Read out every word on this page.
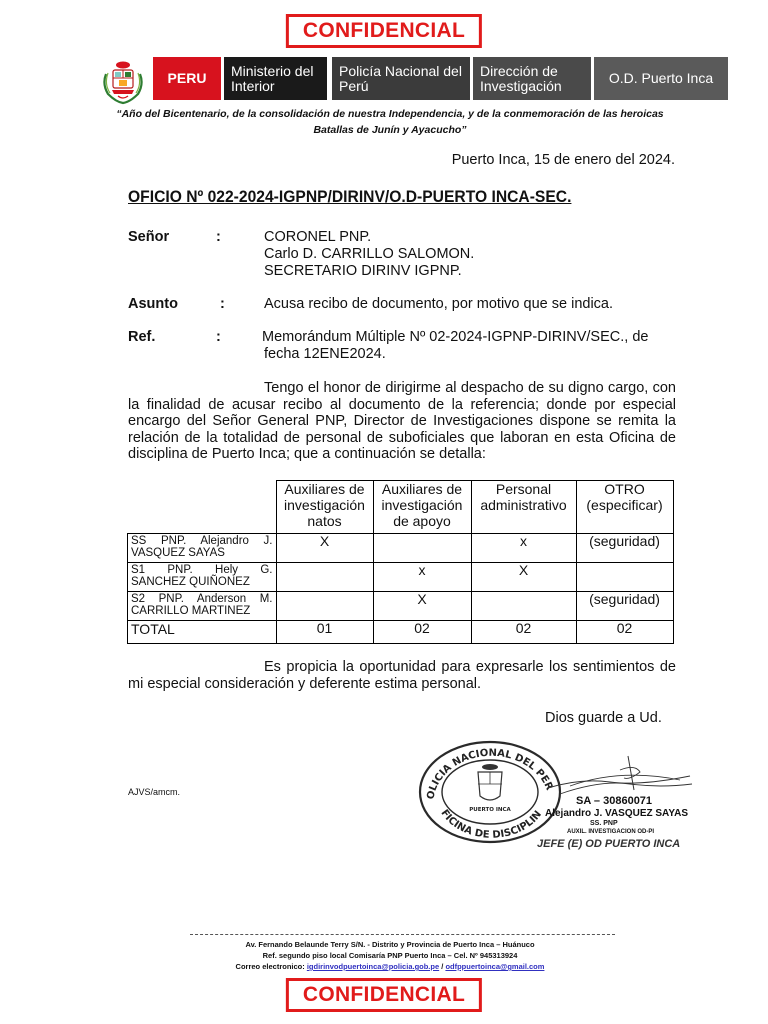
CONFIDENCIAL
PERU Ministerio del Interior
Policía Nacional del Perú
Dirección de Investigación	O.D. Puerto Inca
“Año del Bicentenario, de la consolidación de nuestra Independencia, y de la conmemoración de las heroicas Batallas de Junín y Ayacucho”
Puerto Inca, 15 de enero del 2024.
OFICIO Nº 022-2024-IGPNP/DIRINV/O.D-PUERTO INCA-SEC.
Señor	:	CORONEL PNP.
Carlo D. CARRILLO SALOMON.
SECRETARIO DIRINV IGPNP.
Asunto	:	Acusa recibo de documento, por motivo que se indica.
Ref.	:	Memorándum Múltiple Nº 02-2024-IGPNP-DIRINV/SEC., de
fecha 12ENE2024.
Tengo el honor de dirigirme al despacho de su digno cargo, con la finalidad de acusar recibo al documento de la referencia; donde por especial encargo del Señor General PNP, Director de Investigaciones dispone se remita la relación de la totalidad de personal de suboficiales que laboran en esta Oficina de disciplina de Puerto Inca; que a continuación se detalla:
	Auxiliares de investigación natos	Auxiliares de investigación de apoyo	Personal administrativo	OTRO (especificar)
SS PNP. Alejandro J. VASQUEZ SAYAS	X		x	(seguridad)
S1 PNP. Hely G. SANCHEZ QUIÑONEZ		x	X	
S2 PNP. Anderson M. CARRILLO MARTINEZ		X		(seguridad)
TOTAL	01	02	02	02
Es propicia la oportunidad para expresarle los sentimientos de mi especial consideración y deferente estima personal.
Dios guarde a Ud.
AJVS/amcm.	OLICIA NACIONAL DEL PER
FICINA DE DISCIPLIN
PUERTO INCA
SA – 30860071
Alejandro J. VASQUEZ SAYAS
SS. PNP
AUXIL. INVESTIGACION OD-PI
JEFE (E) OD PUERTO INCA
Av. Fernando Belaunde Terry S/N. - Distrito y Provincia de Puerto Inca – Huánuco
Ref. segundo piso local Comisaría PNP Puerto Inca – Cel. Nº 945313924
Correo electronico: igdirinvodpuertoinca@policia.gob.pe / odfppuertoinca@gmail.com
CONFIDENCIAL
